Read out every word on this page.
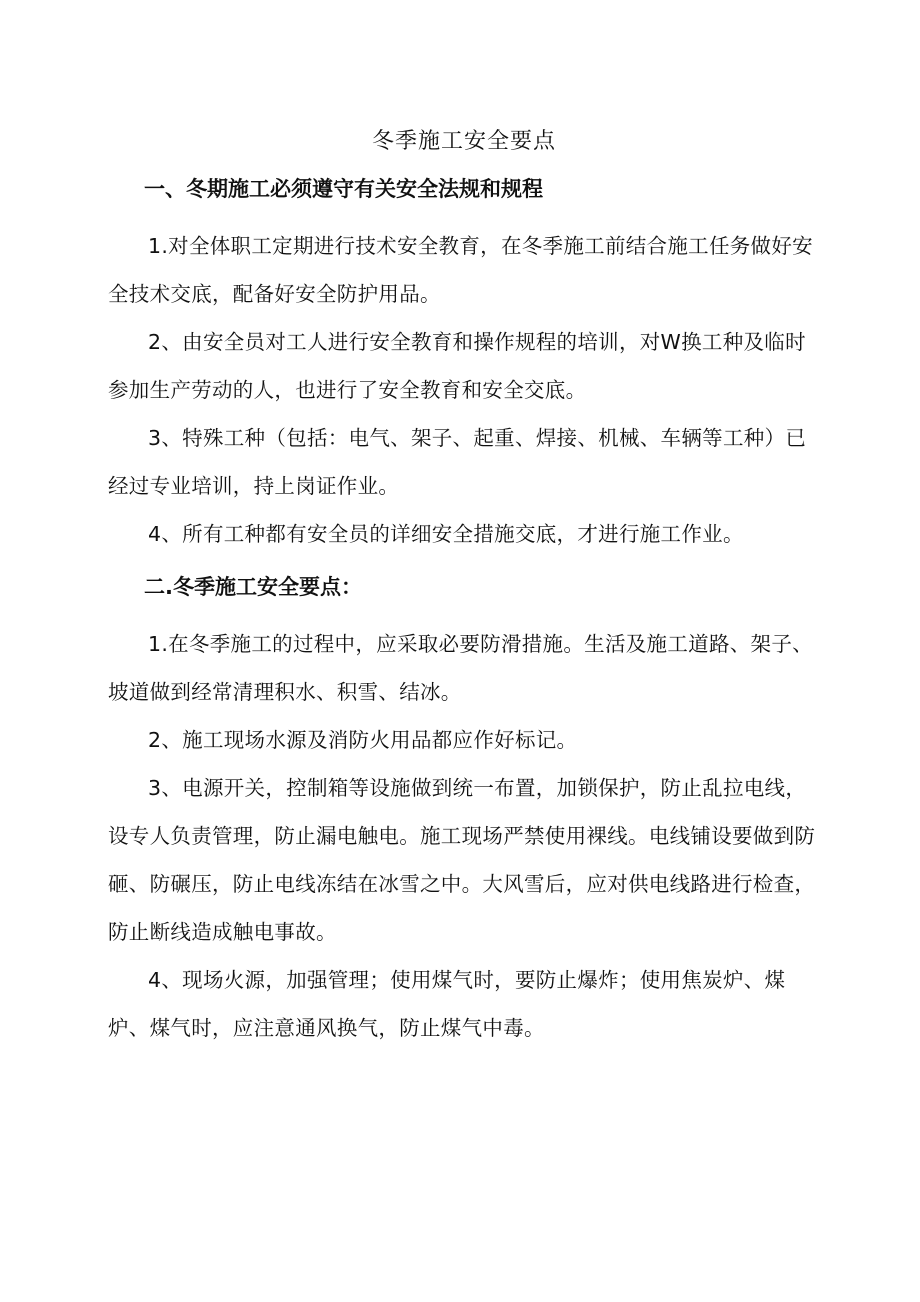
冬季施工安全要点
一、冬期施工必须遵守有关安全法规和规程

1.对全体职工定期进行技术安全教育，在冬季施工前结合施工任务做好安全技术交底，配备好安全防护用品。

2、由安全员对工人进行安全教育和操作规程的培训，对W换工种及临时参加生产劳动的人，也进行了安全教育和安全交底。

3、特殊工种（包括：电气、架子、起重、焊接、机械、车辆等工种）已经过专业培训，持上岗证作业。

4、所有工种都有安全员的详细安全措施交底，才进行施工作业。

二.冬季施工安全要点：

1.在冬季施工的过程中，应采取必要防滑措施。生活及施工道路、架子、坡道做到经常清理积水、积雪、结冰。

2、施工现场水源及消防火用品都应作好标记。

3、电源开关，控制箱等设施做到统一布置，加锁保护，防止乱拉电线，设专人负责管理，防止漏电触电。施工现场严禁使用裸线。电线铺设要做到防砸、防碾压，防止电线冻结在冰雪之中。大风雪后，应对供电线路进行检查，防止断线造成触电事故。

4、现场火源，加强管理；使用煤气时，要防止爆炸；使用焦炭炉、煤炉、煤气时，应注意通风换气，防止煤气中毒。
